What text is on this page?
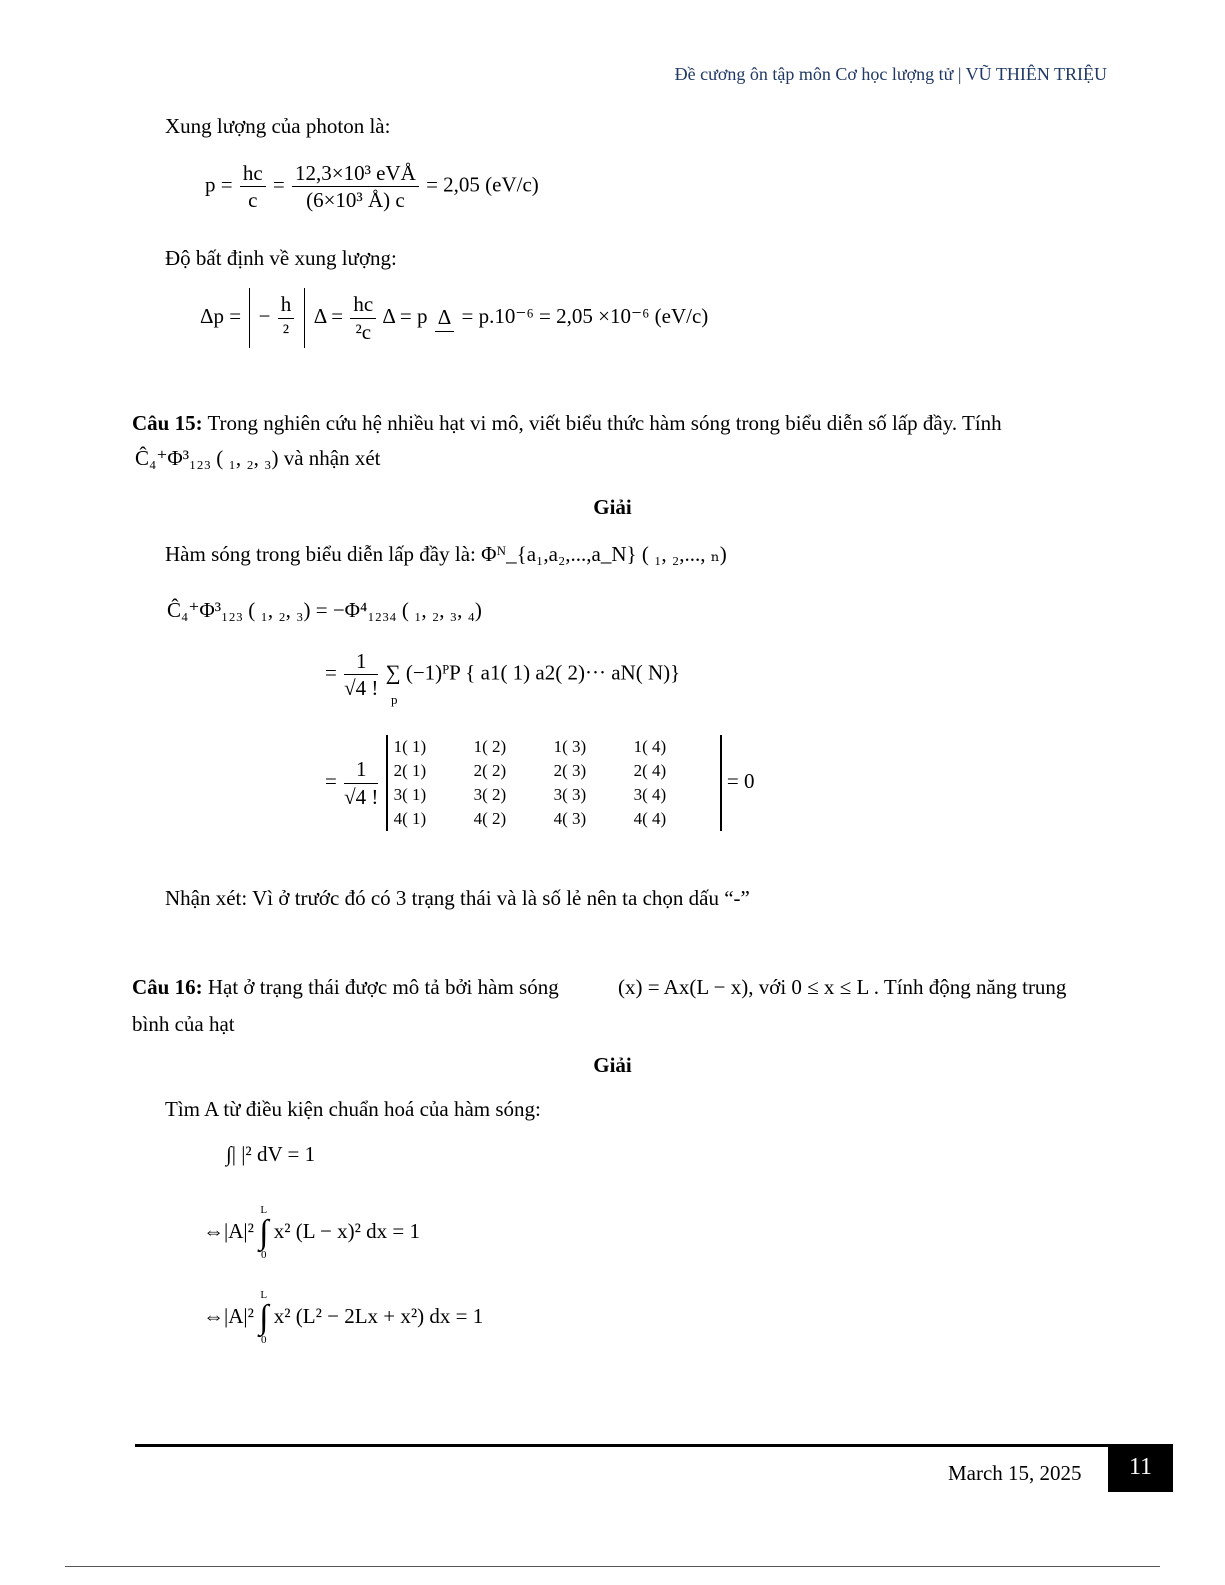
Đề cương ôn tập môn Cơ học lượng tử | VŨ THIÊN TRIỆU
Xung lượng của photon là:
$p = \frac{hc}{c} = \frac{\text{12,3×10³ eVÅ}}{\text{(6×10³ Å) c}} = 2,05$ (eV/c)
Độ bất định về xung lượng:
Δp = − $\frac{h}{\text{²}}$ $\Delta = \frac{hc}{\text{²c}}$ Δ = p Δ = p.10⁻⁶ = 2,05 ×10⁻⁶ (eV/c)
Câu 15: Trong nghiên cứu hệ nhiều hạt vi mô, viết biểu thức hàm sóng trong biểu diễn số lấp đầy. Tính
Ĉ₄⁺Φ³₁₂₃ ( ₁, ₂, ₃) và nhận xét
Giải
Hàm sóng trong biểu diễn lấp đầy là: Φᴺ_{a₁,a₂,...,a_N} ( ₁, ₂,..., ₙ)
Ĉ₄⁺Φ³₁₂₃ ( ₁, ₂, ₃) = −Φ⁴₁₂₃₄ ( ₁, ₂, ₃, ₄)
= $\frac{1}{√4 !}$ ∑ (−1)ᴾP { a1( 1) a2( 2)··· aN( N)}
p
= $\frac{1}{√4 !}$

1( 1)	1( 2)	1( 3)	1( 4)
2( 1)	2( 2)	2( 3)	2( 4)
3( 1)	3( 2)	3( 3)	3( 4)
4( 1)	4( 2)	4( 3)	4( 4)
= 0
Nhận xét: Vì ở trước đó có 3 trạng thái và là số lẻ nên ta chọn dấu “-”
Câu 16: Hạt ở trạng thái được mô tả bởi hàm sóng	(x) = Ax(L − x), với 0 ≤ x ≤ L . Tính động năng trung
bình của hạt
Giải
Tìm A từ điều kiện chuẩn hoá của hàm sóng:
∫| |² dV = 1
⇔|A|² L
∫
0 x² (L − x)² dx = 1
⇔|A|² L
∫
0 x² (L² − 2Lx + x²) dx = 1
March 15, 2025	11
